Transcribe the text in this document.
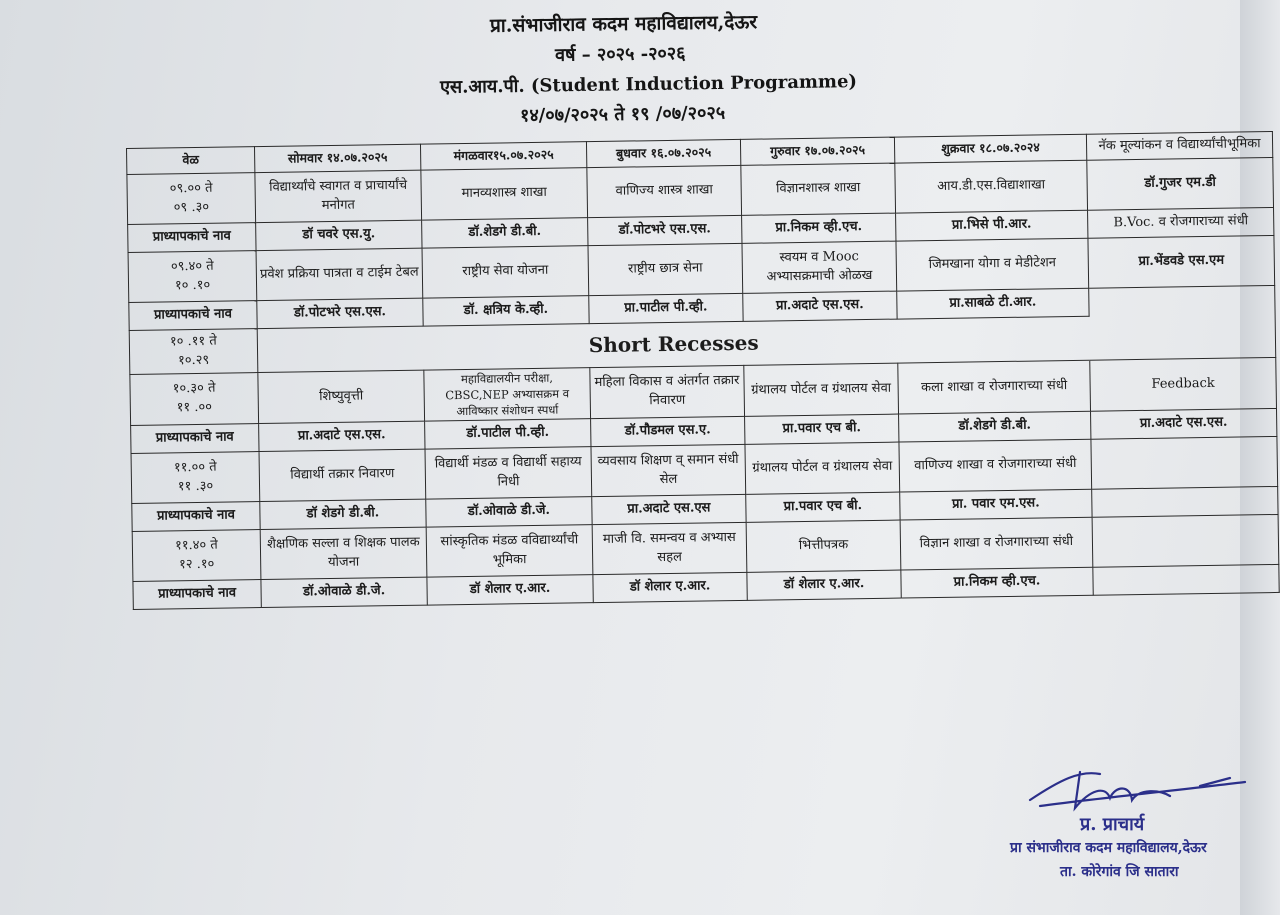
प्रा.संभाजीराव कदम महाविद्यालय,देऊर
वर्ष – २०२५ -२०२६
एस.आय.पी. (Student Induction Programme)
१४/०७/२०२५ ते १९ /०७/२०२५
वेळ	सोमवार १४.०७.२०२५	मंगळवार१५.०७.२०२५	बुधवार १६.०७.२०२५	गुरुवार १७.०७.२०२५	शुक्रवार १८.०७.२०२४	नॅक मूल्यांकन व विद्यार्थ्यांचीभूमिका

०९.०० ते
०९ .३०	विद्यार्थ्यांचे स्वागत व प्राचार्यांचे मनोगत	मानव्यशास्त्र शाखा	वाणिज्य शास्त्र शाखा	विज्ञानशास्त्र शाखा	आय.डी.एस.विद्याशाखा	डॉ.गुजर एम.डी
प्राध्यापकाचे नाव	डॉ चवरे एस.यु.	डॉ.शेडगे डी.बी.	डॉ.पोटभरे एस.एस.	प्रा.निकम व्ही.एच.	प्रा.भिसे पी.आर.	B.Voc. व रोजगाराच्या संधी

०९.४० ते
१० .१०	प्रवेश प्रक्रिया पात्रता व टाईम टेबल	राष्ट्रीय सेवा योजना	राष्ट्रीय छात्र सेना	स्वयम व Mooc अभ्यासक्रमाची ओळख	जिमखाना योगा व मेडीटेशन	प्रा.भेंडवडे एस.एम
प्राध्यापकाचे नाव	डॉ.पोटभरे एस.एस.	डॉ. क्षत्रिय के.व्ही.	प्रा.पाटील पी.व्ही.	प्रा.अदाटे एस.एस.	प्रा.साबळे टी.आर.	

१० .११ ते
१०.२९	Short Recesses					

१०.३० ते
११ .००	शिष्युवृत्ती	महाविद्यालयीन परीक्षा, CBSC,NEP अभ्यासक्रम व आविष्कार संशोधन स्पर्धा	महिला विकास व अंतर्गत तक्रार निवारण	ग्रंथालय पोर्टल व ग्रंथालय सेवा	कला शाखा व रोजगाराच्या संधी	Feedback
प्राध्यापकाचे नाव	प्रा.अदाटे एस.एस.	डॉ.पाटील पी.व्ही.	डॉ.पौडमल एस.ए.	प्रा.पवार एच बी.	डॉ.शेडगे डी.बी.	प्रा.अदाटे एस.एस.

११.०० ते
११ .३०	विद्यार्थी तक्रार निवारण	विद्यार्थी मंडळ व विद्यार्थी सहाय्य निधी	व्यवसाय शिक्षण व् समान संधी सेल	ग्रंथालय पोर्टल व ग्रंथालय सेवा	वाणिज्य शाखा व रोजगाराच्या संधी	
प्राध्यापकाचे नाव	डॉ शेडगे डी.बी.	डॉ.ओवाळे डी.जे.	प्रा.अदाटे एस.एस	प्रा.पवार एच बी.	प्रा. पवार एम.एस.	

११.४० ते
१२ .१०	शैक्षणिक सल्ला व शिक्षक पालक योजना	सांस्कृतिक मंडळ वविद्यार्थ्यांची भूमिका	माजी वि. समन्वय व अभ्यास सहल	भित्तीपत्रक	विज्ञान शाखा व रोजगाराच्या संधी	
प्राध्यापकाचे नाव	डॉ.ओवाळे डी.जे.	डॉ शेलार ए.आर.	डॉ शेलार ए.आर.	डॉ शेलार ए.आर.	प्रा.निकम व्ही.एच.	
प्र. प्राचार्य
प्रा संभाजीराव कदम महाविद्यालय,देऊर
ता. कोरेगांव जि सातारा
